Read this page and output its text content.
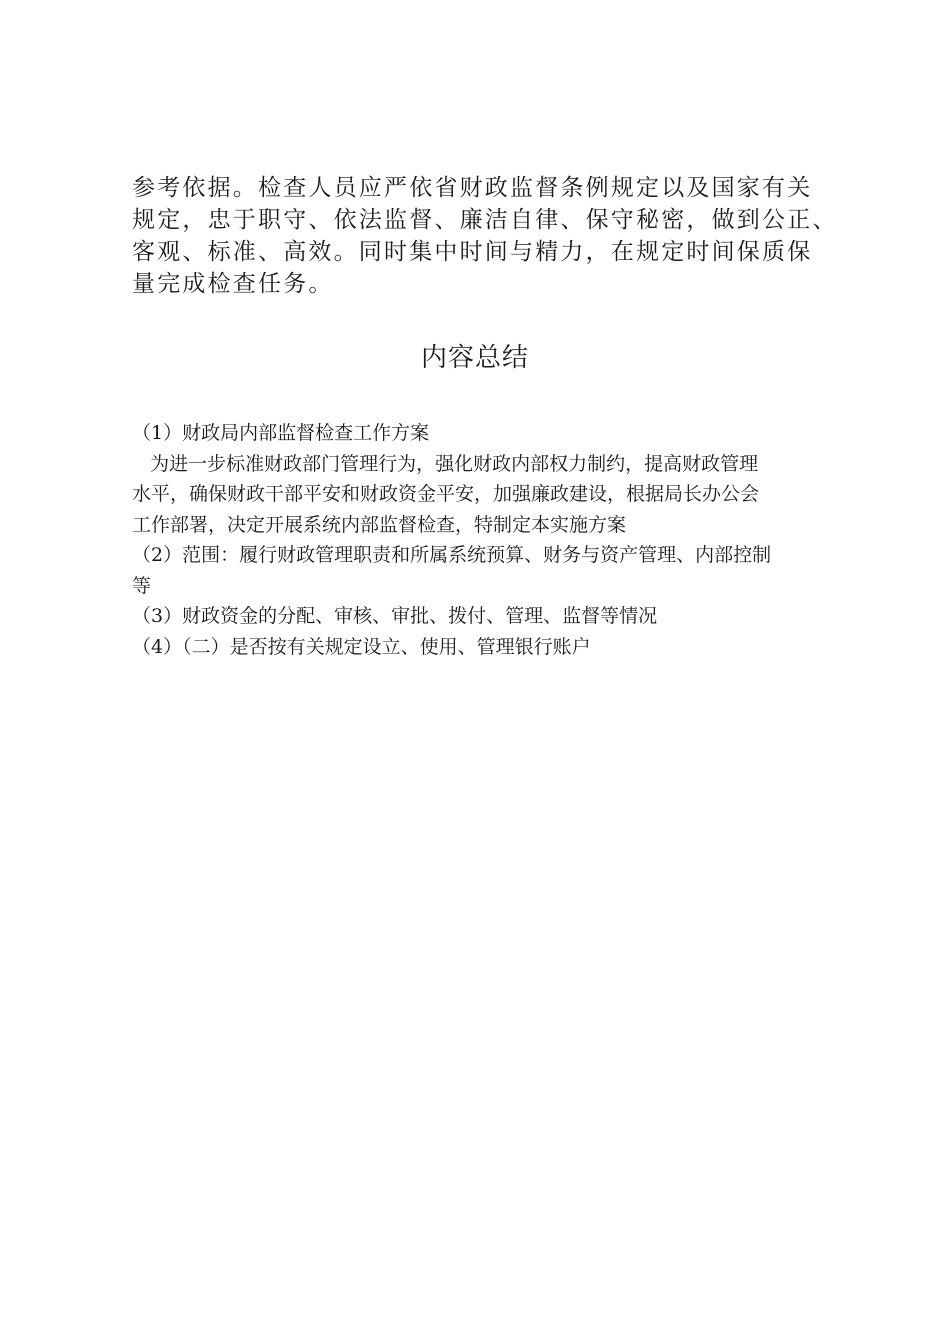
参考依据。检查人员应严依省财政监督条例规定以及国家有关
规定，忠于职守、依法监督、廉洁自律、保守秘密，做到公正、
客观、标准、高效。同时集中时间与精力，在规定时间保质保
量完成检查任务。
内容总结
（1）财政局内部监督检查工作方案
为进一步标准财政部门管理行为，强化财政内部权力制约，提高财政管理
水平，确保财政干部平安和财政资金平安，加强廉政建设，根据局长办公会
工作部署，决定开展系统内部监督检查，特制定本实施方案
（2）范围：履行财政管理职责和所属系统预算、财务与资产管理、内部控制
等
（3）财政资金的分配、审核、审批、拨付、管理、监督等情况
（4）（二）是否按有关规定设立、使用、管理银行账户
